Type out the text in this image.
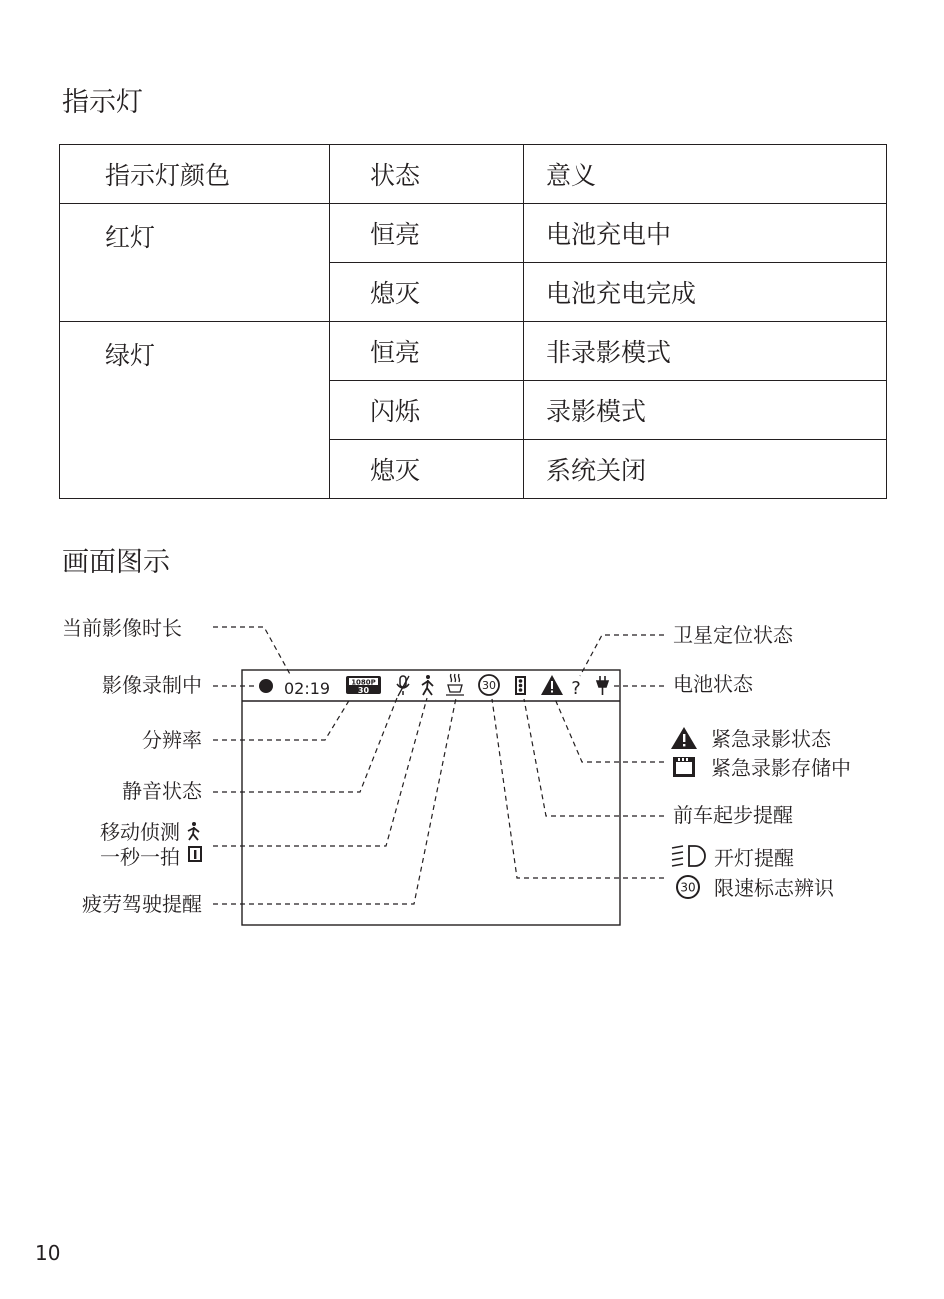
指示灯
指示灯颜色	状态	意义
红灯	恒亮	电池充电中
	熄灭	电池充电完成
绿灯	恒亮	非录影模式
	闪烁	录影模式
	熄灭	系统关闭
画面图示
当前影像时长
影像录制中
分辨率
静音状态
移动侦测
一秒一拍
疲劳驾驶提醒
卫星定位状态
电池状态
紧急录影状态
紧急录影存储中
前车起步提醒
开灯提醒
限速标志辨识
02:19	1080P
30	30	?
30
10
